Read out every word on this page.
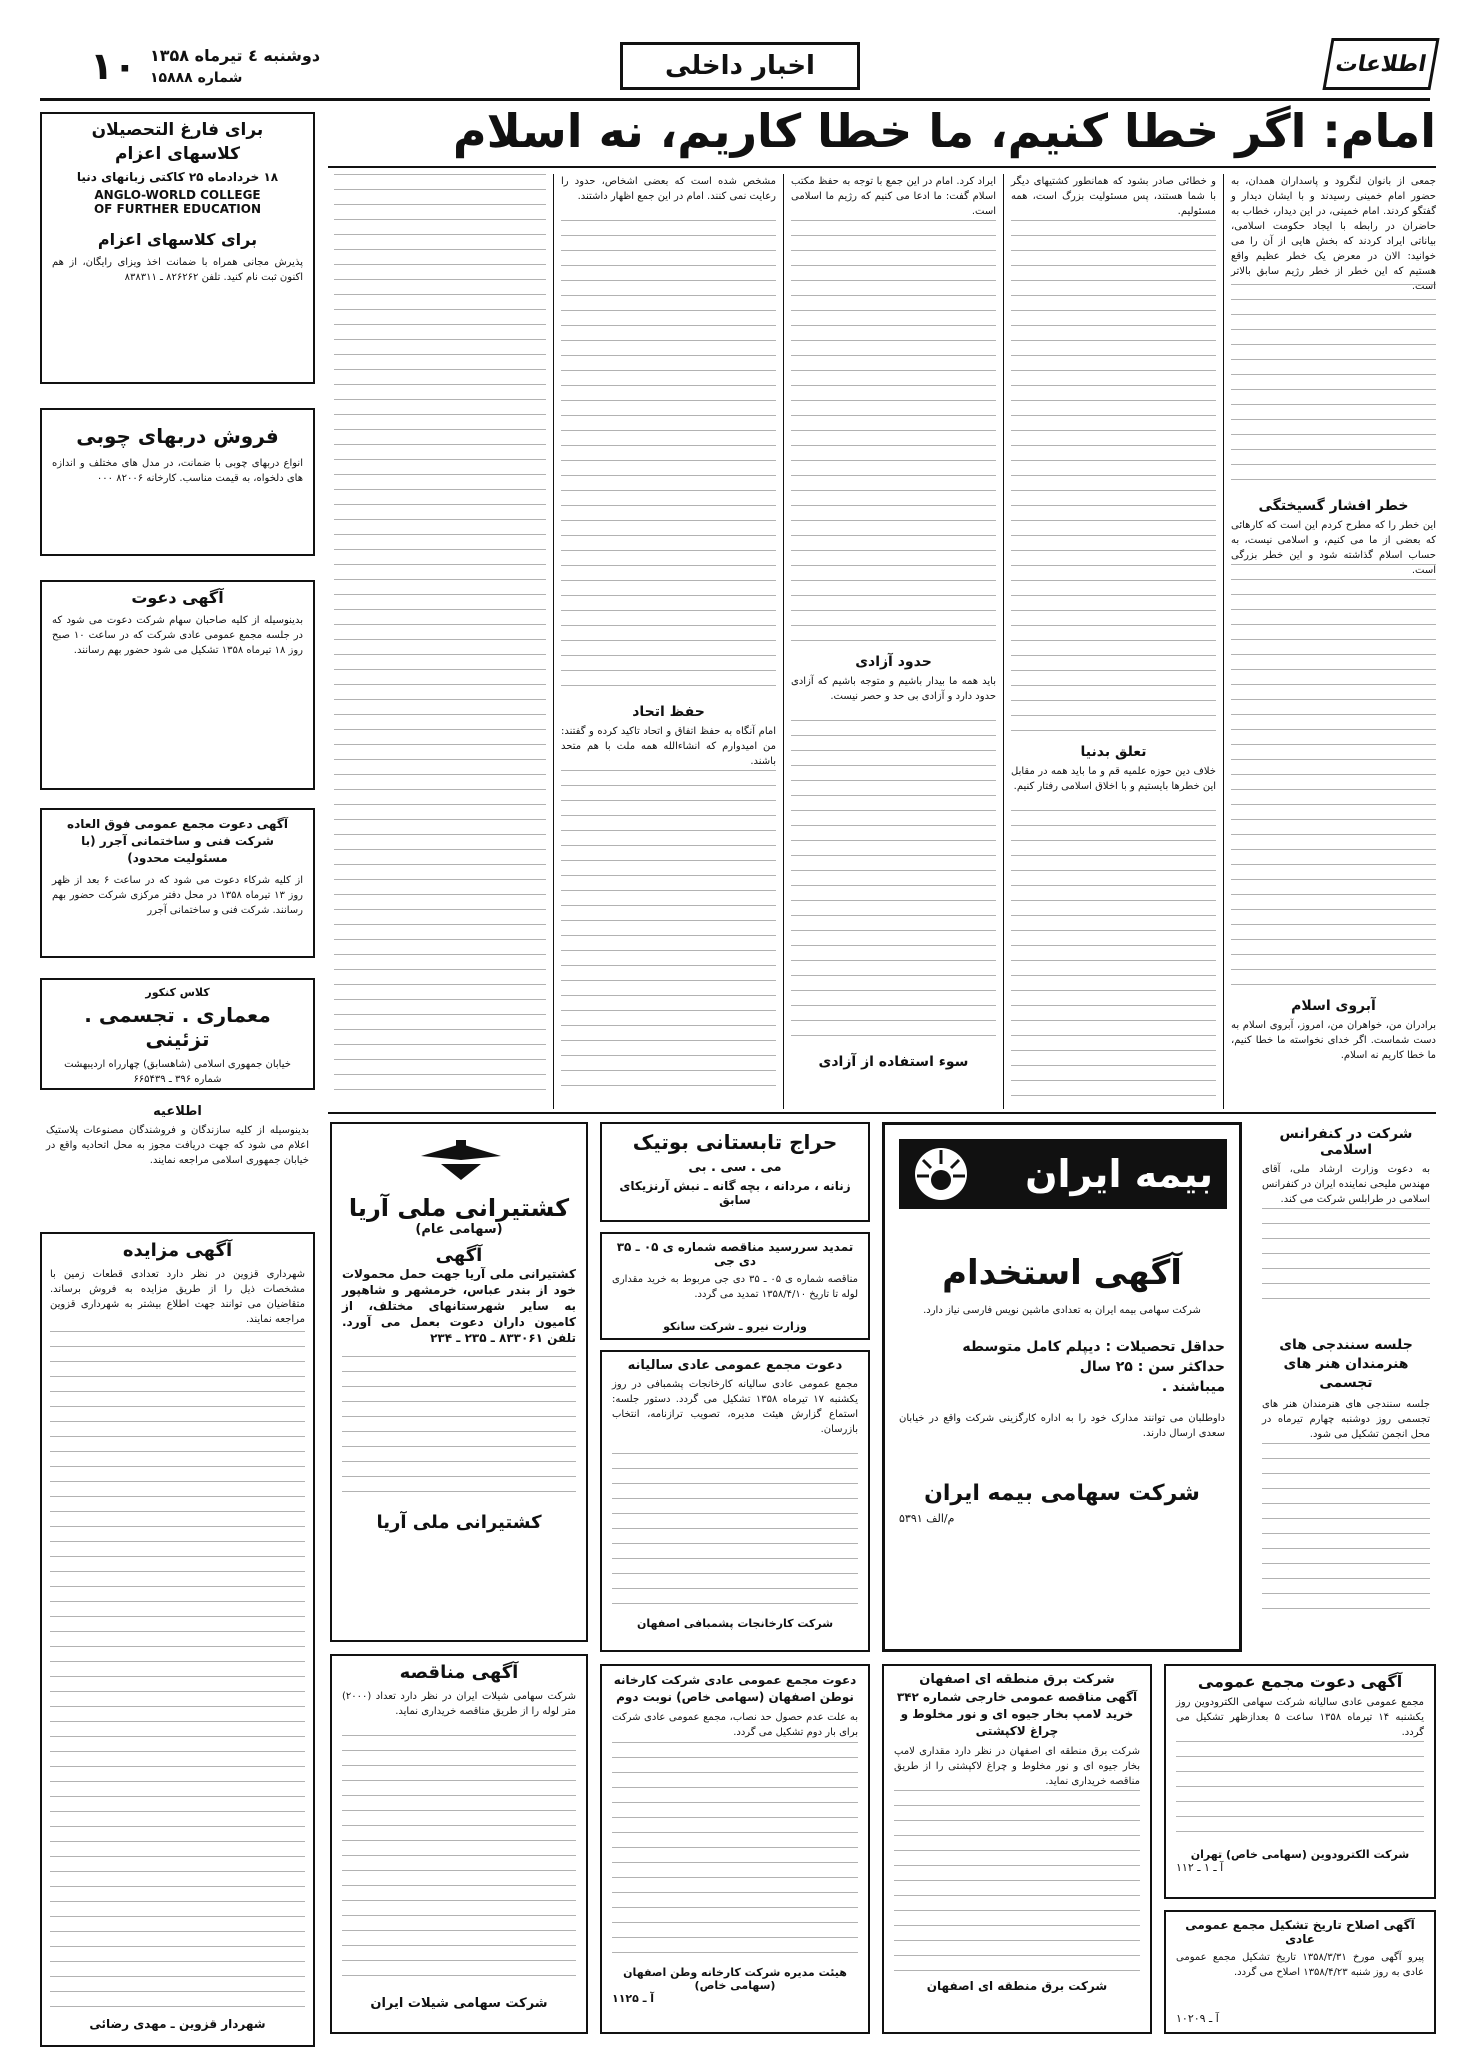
اطلاعات
اخبار داخلی
۱۰ دوشنبه ٤ تیرماه ۱۳۵۸
شماره ۱۵۸۸۸
برای فارغ التحصیلان
کلاسهای اعزام
۱۸ خردادماه ۲۵ کاکتی زبانهای دنیا
ANGLO-WORLD COLLEGE
OF FURTHER EDUCATION
برای کلاسهای اعزام
پذیرش مجانی همراه با ضمانت اخذ ویزای رایگان، از هم اکنون ثبت نام کنید. تلفن ۸۲۶۲۶۲ ـ ۸۳۸۳۱۱
فروش دربهای چوبی
انواع دربهای چوبی با ضمانت، در مدل های مختلف و اندازه های دلخواه، به قیمت مناسب. کارخانه ۸۲۰۰۶ ۰۰۰
آگهی دعوت
بدینوسیله از کلیه صاحبان سهام شرکت دعوت می شود که در جلسه مجمع عمومی عادی شرکت که در ساعت ۱۰ صبح روز ۱۸ تیرماه ۱۳۵۸ تشکیل می شود حضور بهم رسانند.
آگهی دعوت مجمع عمومی فوق العاده شرکت فنی و ساختمانی آجرر (با مسئولیت محدود)
از کلیه شرکاء دعوت می شود که در ساعت ۶ بعد از ظهر روز ۱۳ تیرماه ۱۳۵۸ در محل دفتر مرکزی شرکت حضور بهم رسانند. شرکت فنی و ساختمانی آجرر
کلاس کنکور
معماری . تجسمی . تزئینی
خیابان جمهوری اسلامی (شاهسابق) چهارراه اردیبهشت شماره ۳۹۶ ـ ۶۶۵۴۳۹
اطلاعیه
بدینوسیله از کلیه سازندگان و فروشندگان مصنوعات پلاستیک اعلام می شود که جهت دریافت مجوز به محل اتحادیه واقع در خیابان جمهوری اسلامی مراجعه نمایند.
آگهی مزایده
شهرداری قزوین در نظر دارد تعدادی قطعات زمین با مشخصات ذیل را از طریق مزایده به فروش برساند. متقاضیان می توانند جهت اطلاع بیشتر به شهرداری قزوین مراجعه نمایند.
شهردار قزوین ـ مهدی رضائی
امام: اگر خطا کنیم، ما خطا کاریم، نه اسلام
جمعی از بانوان لنگرود و پاسداران همدان، به حضور امام خمینی رسیدند و با ایشان دیدار و گفتگو کردند. امام خمینی، در این دیدار، خطاب به حاضران در رابطه با ایجاد حکومت اسلامی، بیاناتی ایراد کردند که بخش هایی از آن را می خوانید: الان در معرض یک خطر عظیم واقع هستیم که این خطر از خطر رژیم سابق بالاتر است.
خطر افشار گسیختگی
این خطر را که مطرح کردم این است که کارهائی که بعضی از ما می کنیم، و اسلامی نیست، به حساب اسلام گذاشته شود و این خطر بزرگی است.
آبروی اسلام
برادران من، خواهران من، امروز، آبروی اسلام به دست شماست. اگر خدای نخواسته ما خطا کنیم، ما خطا کاریم نه اسلام.
و خطائی صادر بشود که همانطور کشتیهای دیگر با شما هستند، پس مسئولیت بزرگ است، همه مسئولیم.
تعلق بدنیا
خلاف دین حوزه علمیه قم و ما باید همه در مقابل این خطرها بایستیم و با اخلاق اسلامی رفتار کنیم.
ایراد کرد. امام در این جمع با توجه به حفظ مکتب اسلام گفت: ما ادعا می کنیم که رژیم ما اسلامی است.
حدود آزادی
باید همه ما بیدار باشیم و متوجه باشیم که آزادی حدود دارد و آزادی بی حد و حصر نیست.
سوء استفاده از آزادی
مشخص شده است که بعضی اشخاص، حدود را رعایت نمی کنند. امام در این جمع اظهار داشتند.
حفظ اتحاد
امام آنگاه به حفظ اتفاق و اتحاد تاکید کرده و گفتند: من امیدوارم که انشاءالله همه ملت با هم متحد باشند.
کشتیرانی ملی آریا
(سهامی عام)
آگهی
کشتیرانی ملی آریا جهت حمل محمولات خود از بندر عباس، خرمشهر و شاهپور به سایر شهرستانهای مختلف، از کامیون داران دعوت بعمل می آورد. تلفن ۸۳۳۰۶۱ ـ ۲۳۵ ـ ۲۳۴
کشتیرانی ملی آریا
آگهی مناقصه
شرکت سهامی شیلات ایران در نظر دارد تعداد (۲۰۰۰) متر لوله را از طریق مناقصه خریداری نماید.
شرکت سهامی شیلات ایران
حراج تابستانی بوتیک
می . سی . بی
زنانه ، مردانه ، بچه گانه ـ نبش آرنزیکای سابق
تمدید سررسید مناقصه شماره ی ۰۵ ـ ۳۵ دی جی
مناقصه شماره ی ۰۵ ـ ۳۵ دی جی مربوط به خرید مقداری لوله تا تاریخ ۱۳۵۸/۴/۱۰ تمدید می گردد.
وزارت نیرو ـ شرکت سانکو
دعوت مجمع عمومی عادی سالیانه
مجمع عمومی عادی سالیانه کارخانجات پشمبافی در روز یکشنبه ۱۷ تیرماه ۱۳۵۸ تشکیل می گردد. دستور جلسه: استماع گزارش هیئت مدیره، تصویب ترازنامه، انتخاب بازرسان.
شرکت کارخانجات پشمبافی اصفهان
دعوت مجمع عمومی عادی شرکت کارخانه نوطن اصفهان (سهامی خاص) نوبت دوم
به علت عدم حصول حد نصاب، مجمع عمومی عادی شرکت برای بار دوم تشکیل می گردد.
هیئت مدیره شرکت کارخانه وطن اصفهان (سهامی خاص)
آ ـ ۱۱۲۵
بیمه ایران
آگهی استخدام
شرکت سهامی بیمه ایران به تعدادی ماشین نویس فارسی نیاز دارد.
حداقل تحصیلات : دیپلم کامل متوسطه
حداکثر سن : ۲۵ سال
میباشند .
داوطلبان می توانند مدارک خود را به اداره کارگزینی شرکت واقع در خیابان سعدی ارسال دارند.
شرکت سهامی بیمه ایران
م/الف ۵۳۹۱
شرکت در کنفرانس اسلامی
به دعوت وزارت ارشاد ملی، آقای مهندس ملیحی نماینده ایران در کنفرانس اسلامی در طرابلس شرکت می کند.
جلسه سنندجی های هنرمندان هنر های تجسمی
جلسه سنندجی های هنرمندان هنر های تجسمی روز دوشنبه چهارم تیرماه در محل انجمن تشکیل می شود.
شرکت برق منطقه ای اصفهان
آگهی مناقصه عمومی خارجی شماره ۳۴۲ خرید لامپ بخار جیوه ای و نور مخلوط و چراغ لاکپشتی
شرکت برق منطقه ای اصفهان در نظر دارد مقداری لامپ بخار جیوه ای و نور مخلوط و چراغ لاکپشتی را از طریق مناقصه خریداری نماید.
شرکت برق منطقه ای اصفهان
آگهی دعوت مجمع عمومی
مجمع عمومی عادی سالیانه شرکت سهامی الکترودوین روز یکشنبه ۱۴ تیرماه ۱۳۵۸ ساعت ۵ بعدازظهر تشکیل می گردد.
شرکت الکترودوین (سهامی خاص) تهران
آ ـ ۱ ـ ۱۱۲
آگهی اصلاح تاریخ تشکیل مجمع عمومی عادی
پیرو آگهی مورخ ۱۳۵۸/۳/۳۱ تاریخ تشکیل مجمع عمومی عادی به روز شنبه ۱۳۵۸/۴/۲۳ اصلاح می گردد.
آ ـ ۱۰۲۰۹
